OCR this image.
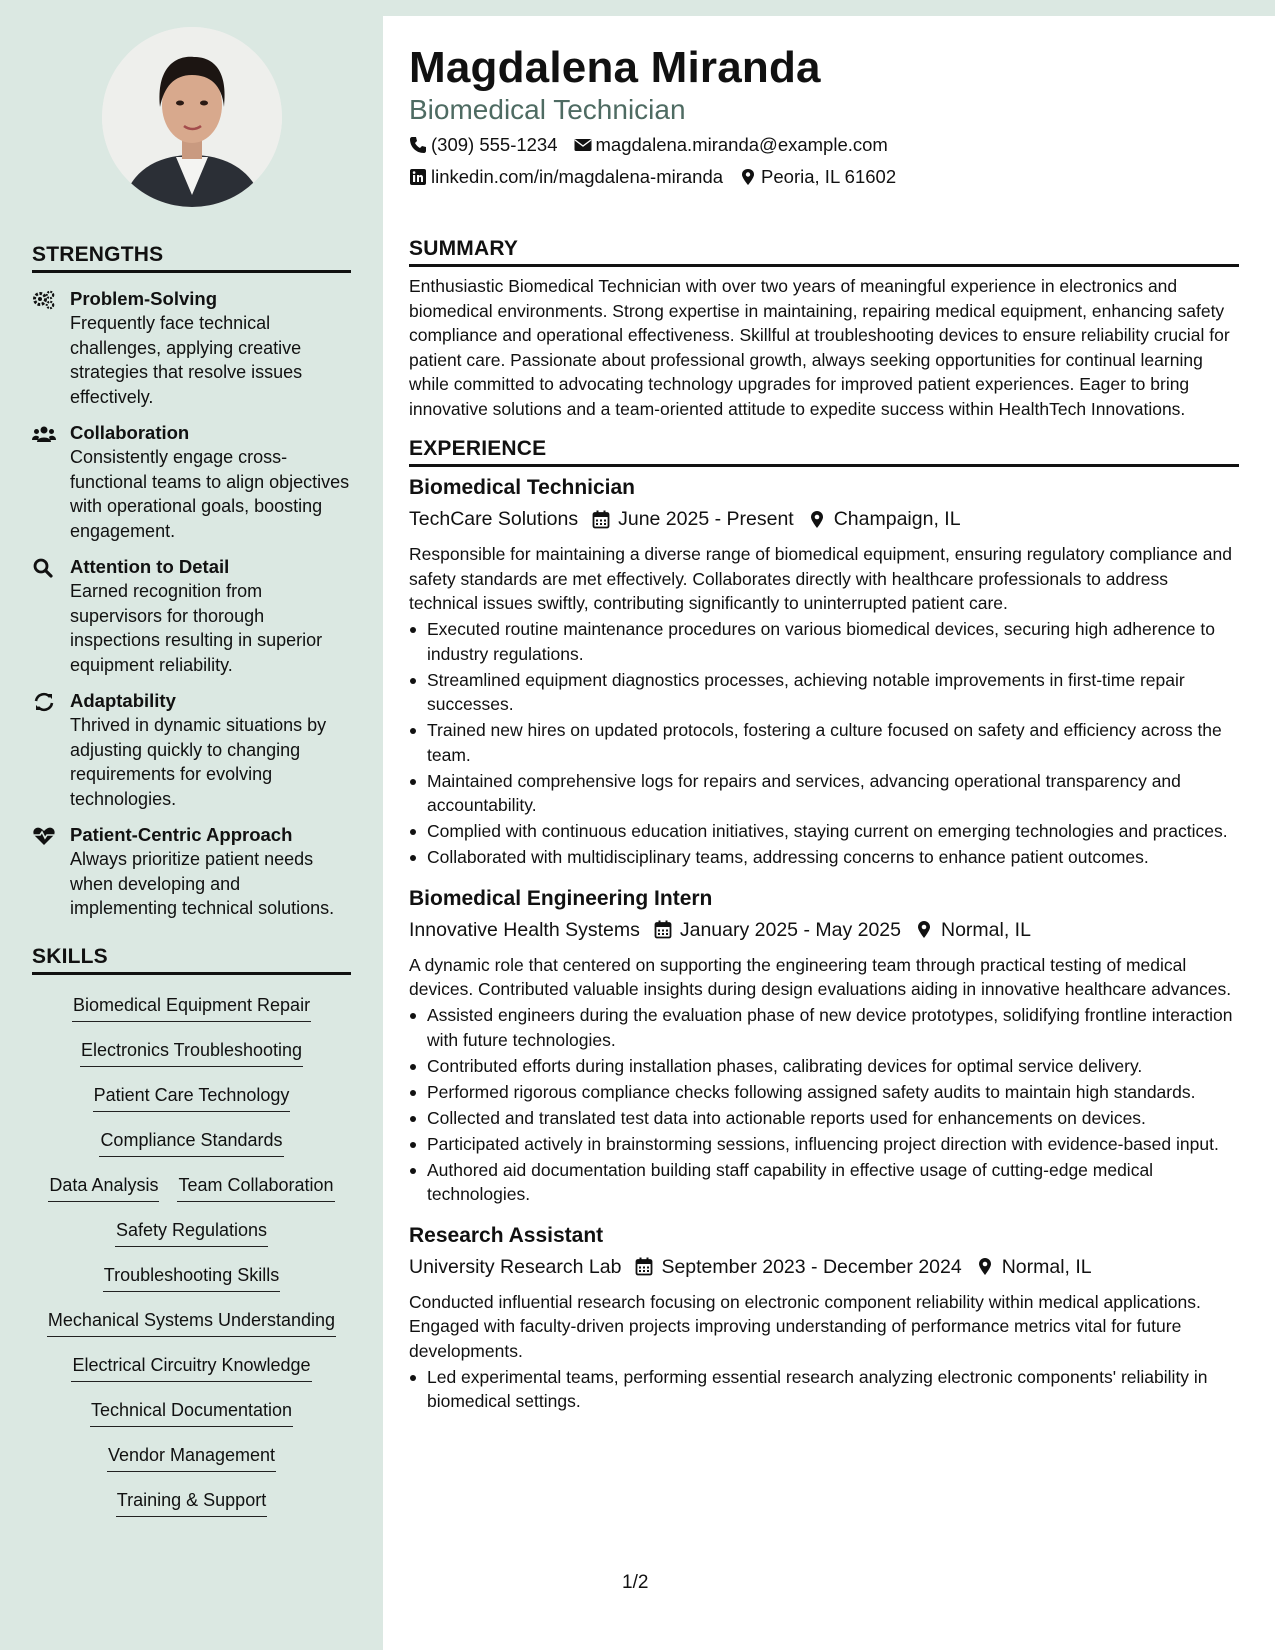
STRENGTHS
Problem-Solving
Frequently face technical challenges, applying creative strategies that resolve issues effectively.
Collaboration
Consistently engage cross-functional teams to align objectives with operational goals, boosting engagement.
Attention to Detail
Earned recognition from supervisors for thorough inspections resulting in superior equipment reliability.
Adaptability
Thrived in dynamic situations by adjusting quickly to changing requirements for evolving technologies.
Patient-Centric Approach
Always prioritize patient needs when developing and implementing technical solutions.
SKILLS
Biomedical Equipment Repair
Electronics Troubleshooting
Patient Care Technology
Compliance Standards
Data Analysis Team Collaboration
Safety Regulations
Troubleshooting Skills
Mechanical Systems Understanding
Electrical Circuitry Knowledge
Technical Documentation
Vendor Management
Training & Support
Magdalena Miranda
Biomedical Technician
(309) 555-1234 magdalena.miranda@example.com
linkedin.com/in/magdalena-miranda Peoria, IL 61602
SUMMARY

Enthusiastic Biomedical Technician with over two years of meaningful experience in electronics and biomedical environments. Strong expertise in maintaining, repairing medical equipment, enhancing safety compliance and operational effectiveness. Skillful at troubleshooting devices to ensure reliability crucial for patient care. Passionate about professional growth, always seeking opportunities for continual learning while committed to advocating technology upgrades for improved patient experiences. Eager to bring innovative solutions and a team-oriented attitude to expedite success within HealthTech Innovations.

EXPERIENCE
Biomedical Technician
TechCare Solutions June 2025 - Present Champaign, IL

Responsible for maintaining a diverse range of biomedical equipment, ensuring regulatory compliance and safety standards are met effectively. Collaborates directly with healthcare professionals to address technical issues swiftly, contributing significantly to uninterrupted patient care.

Executed routine maintenance procedures on various biomedical devices, securing high adherence to industry regulations.
Streamlined equipment diagnostics processes, achieving notable improvements in first-time repair successes.
Trained new hires on updated protocols, fostering a culture focused on safety and efficiency across the team.
Maintained comprehensive logs for repairs and services, advancing operational transparency and accountability.
Complied with continuous education initiatives, staying current on emerging technologies and practices.
Collaborated with multidisciplinary teams, addressing concerns to enhance patient outcomes.
Biomedical Engineering Intern
Innovative Health Systems January 2025 - May 2025 Normal, IL

A dynamic role that centered on supporting the engineering team through practical testing of medical devices. Contributed valuable insights during design evaluations aiding in innovative healthcare advances.

Assisted engineers during the evaluation phase of new device prototypes, solidifying frontline interaction with future technologies.
Contributed efforts during installation phases, calibrating devices for optimal service delivery.
Performed rigorous compliance checks following assigned safety audits to maintain high standards.
Collected and translated test data into actionable reports used for enhancements on devices.
Participated actively in brainstorming sessions, influencing project direction with evidence-based input.
Authored aid documentation building staff capability in effective usage of cutting-edge medical technologies.
Research Assistant
University Research Lab September 2023 - December 2024 Normal, IL

Conducted influential research focusing on electronic component reliability within medical applications. Engaged with faculty-driven projects improving understanding of performance metrics vital for future developments.

Led experimental teams, performing essential research analyzing electronic components' reliability in biomedical settings.
1/2
